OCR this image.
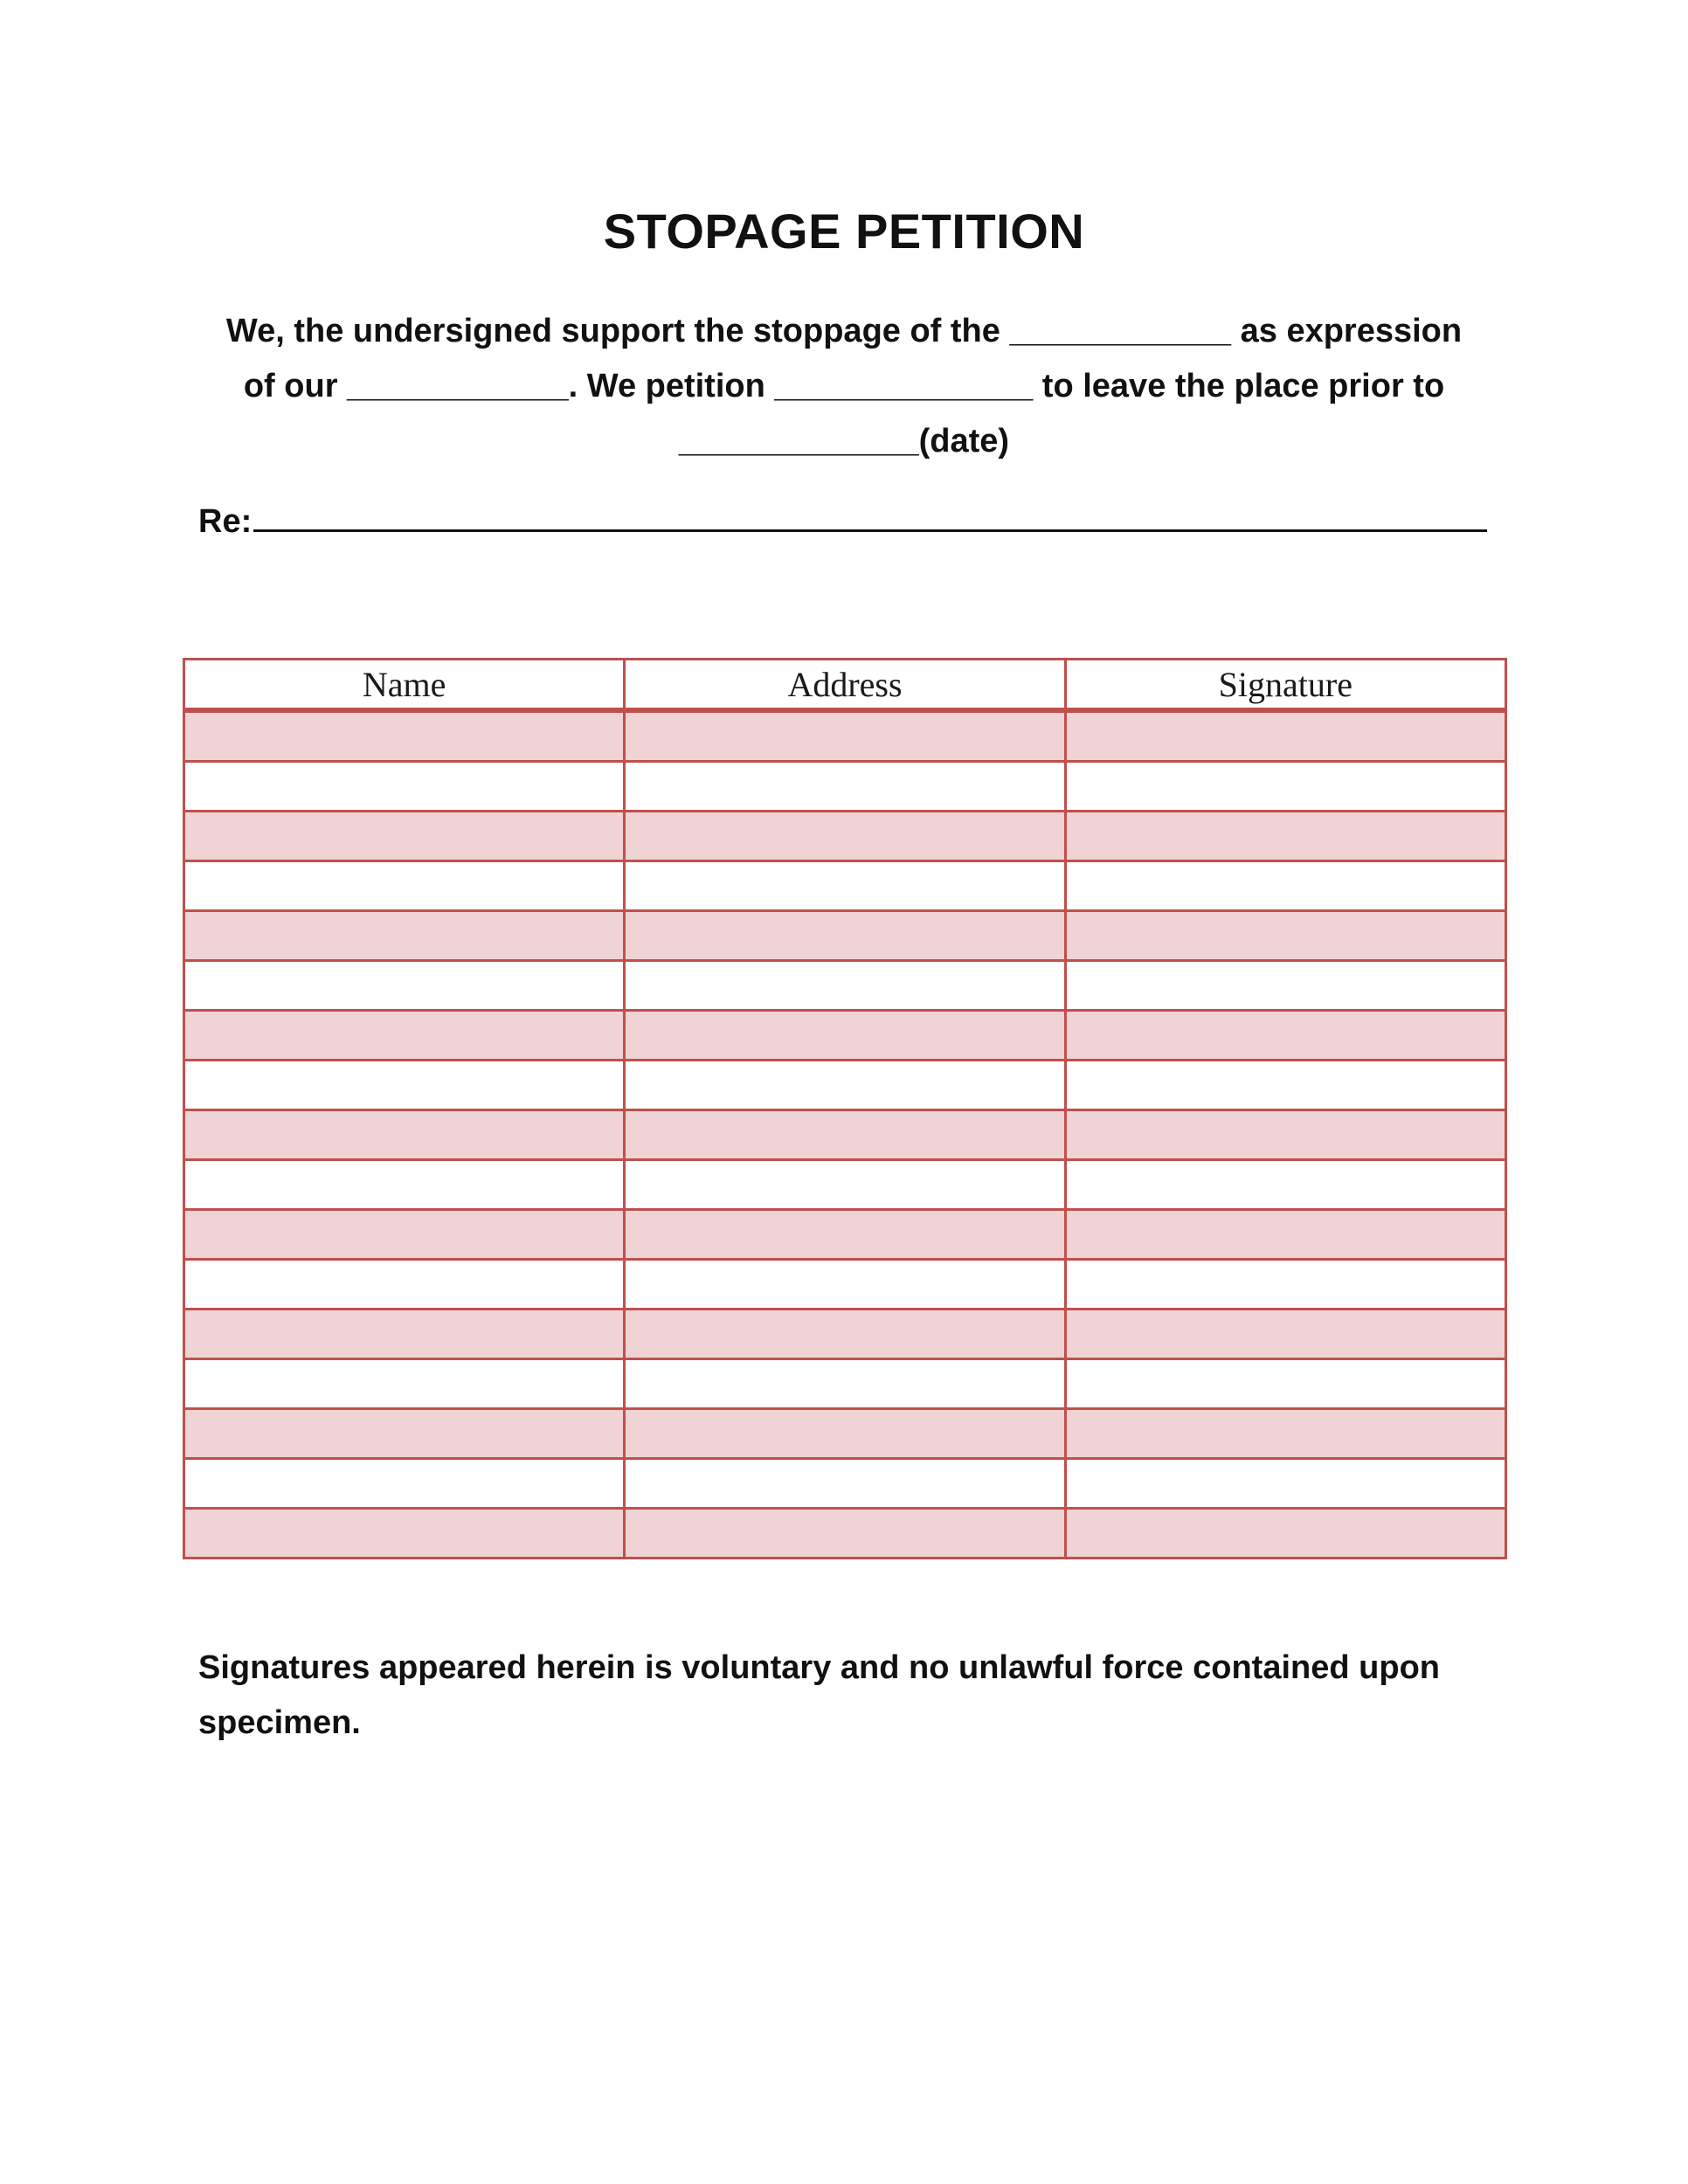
STOPAGE PETITION
We, the undersigned support the stoppage of the ____________ as expression
of our ____________. We petition ______________ to leave the place prior to
_____________(date)
Re:
Name	Address	Signature

Signatures appeared herein is voluntary and no unlawful force contained upon specimen.
